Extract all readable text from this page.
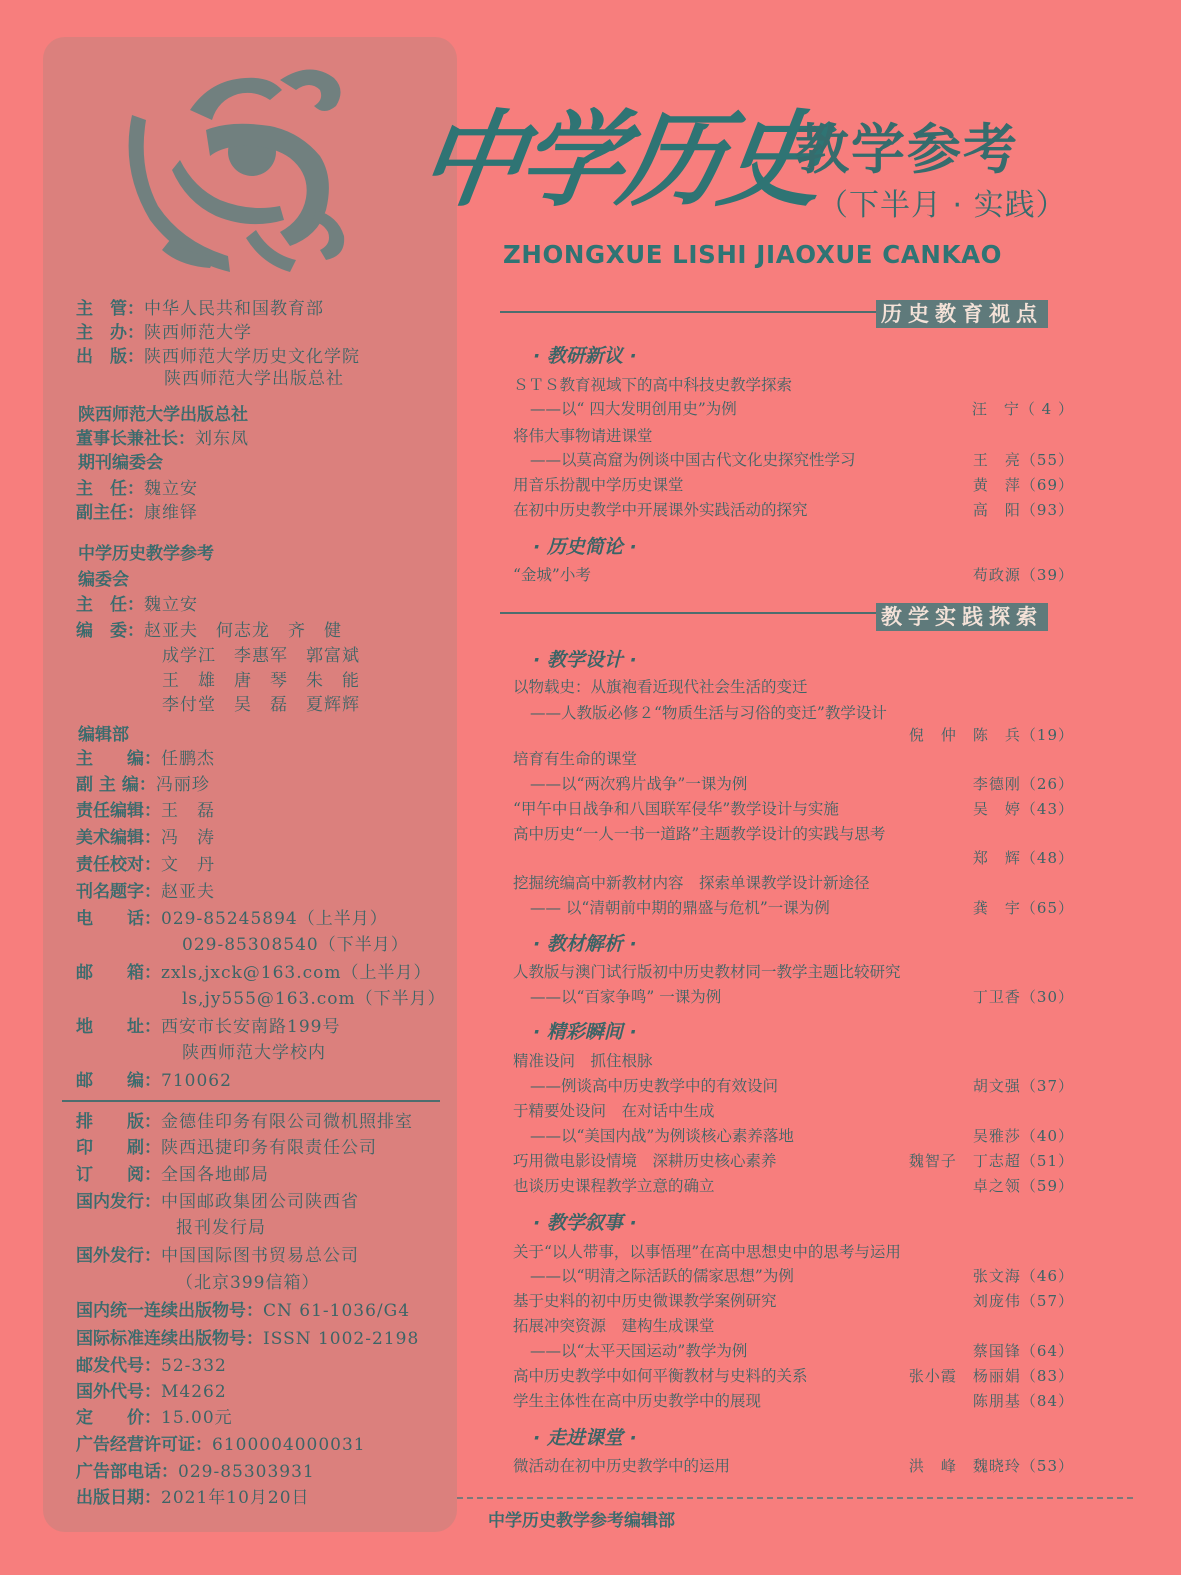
主　管：中华人民共和国教育部
主　办：陕西师范大学
出　版：陕西师范大学历史文化学院
陕西师范大学出版总社
陕西师范大学出版总社
董事长兼社长：刘东凤
期刊编委会
主　任：魏立安
副主任：康维铎
中学历史教学参考
编委会
主　任：魏立安
编　委：赵亚夫　何志龙　齐　健
成学江　李惠军　郭富斌
王　雄　唐　琴　朱　能
李付堂　吴　磊　夏辉辉
编辑部
主　　编：任鹏杰
副 主 编：冯丽珍
责任编辑：王　磊
美术编辑：冯　涛
责任校对：文　丹
刊名题字：赵亚夫
电　　话：029-85245894（上半月）
029-85308540（下半月）
邮　　箱：zxls,jxck@163.com（上半月）
ls,jy555@163.com（下半月）
地　　址：西安市长安南路199号
陕西师范大学校内
邮　　编：710062
排　　版：金德佳印务有限公司微机照排室
印　　刷：陕西迅捷印务有限责任公司
订　　阅：全国各地邮局
国内发行：中国邮政集团公司陕西省
报刊发行局
国外发行：中国国际图书贸易总公司
（北京399信箱）
国内统一连续出版物号：CN 61-1036/G4
国际标准连续出版物号：ISSN 1002-2198
邮发代号：52-332
国外代号：M4262
定　　价：15.00元
广告经营许可证：6100004000031
广告部电话：029-85303931
出版日期：2021年10月20日
中学历史
教学参考
（下半月 · 实践）
ZHONGXUE LISHI JIAOXUE CANKAO
历史教育视点
教学实践探索
· 教研新议 ·
· 历史简论 ·
· 教学设计 ·
· 教材解析 ·
· 精彩瞬间 ·
· 教学叙事 ·
· 走进课堂 ·
ＳＴＳ教育视域下的高中科技史教学探索
——以“ 四大发明创用史”为例	汪　宁（ 4 ）
将伟大事物请进课堂
——以莫高窟为例谈中国古代文化史探究性学习	王　亮（55）
用音乐扮靓中学历史课堂	黄　萍（69）
在初中历史教学中开展课外实践活动的探究	高　阳（93）
“金城”小考	苟政源（39）
以物载史：从旗袍看近现代社会生活的变迁
——人教版必修２“物质生活与习俗的变迁”教学设计
倪　仲　陈　兵（19）
培育有生命的课堂
——以“两次鸦片战争”一课为例	李德刚（26）
“甲午中日战争和八国联军侵华”教学设计与实施	吴　婷（43）
高中历史“一人一书一道路”主题教学设计的实践与思考
郑　辉（48）
挖掘统编高中新教材内容　探索单课教学设计新途径
—— 以“清朝前中期的鼎盛与危机”一课为例	龚　宇（65）
人教版与澳门试行版初中历史教材同一教学主题比较研究
——以“百家争鸣” 一课为例	丁卫香（30）
精准设问　抓住根脉
——例谈高中历史教学中的有效设问	胡文强（37）
于精要处设问　在对话中生成
——以“美国内战”为例谈核心素养落地	吴雅莎（40）
巧用微电影设情境　深耕历史核心素养	魏智子　丁志超（51）
也谈历史课程教学立意的确立	卓之领（59）
关于“以人带事，以事悟理”在高中思想史中的思考与运用
——以“明清之际活跃的儒家思想”为例	张文海（46）
基于史料的初中历史微课教学案例研究	刘庞伟（57）
拓展冲突资源　建构生成课堂
——以“太平天国运动”教学为例	蔡国锋（64）
高中历史教学中如何平衡教材与史料的关系	张小霞　杨丽娟（83）
学生主体性在高中历史教学中的展现	陈朋基（84）
微活动在初中历史教学中的运用	洪　峰　魏晓玲（53）
中学历史教学参考编辑部
